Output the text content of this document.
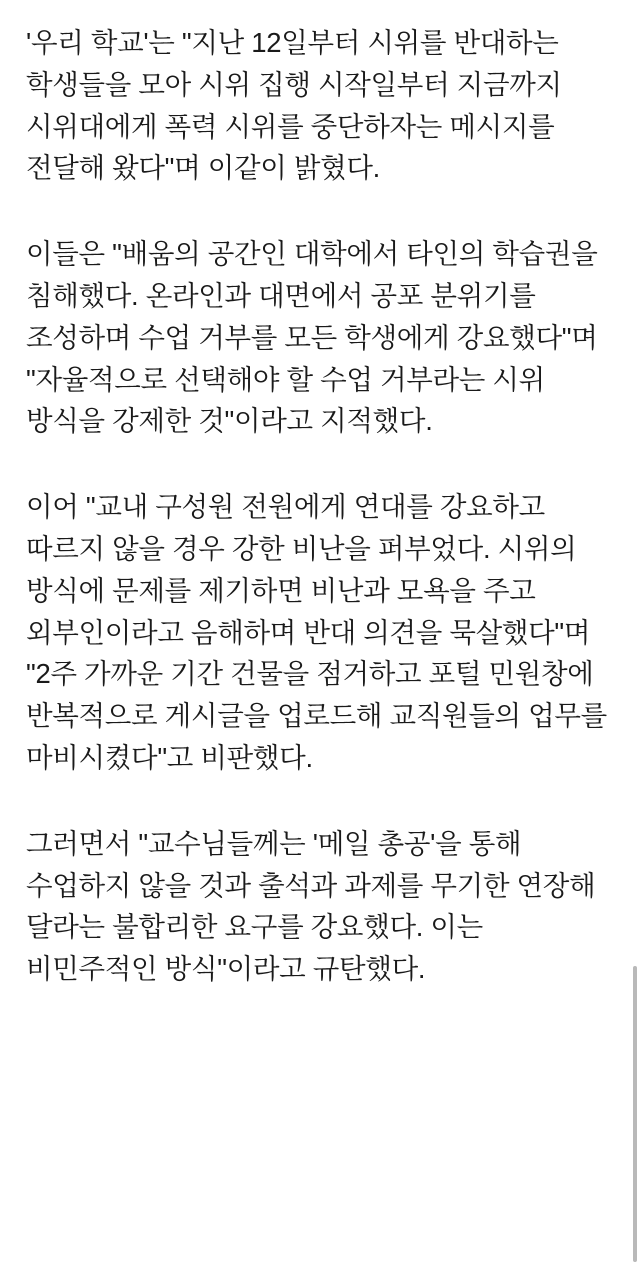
'우리 학교'는 "지난 12일부터 시위를 반대하는 학생들을 모아 시위 집행 시작일부터 지금까지 시위대에게 폭력 시위를 중단하자는 메시지를 전달해 왔다"며 이같이 밝혔다.

이들은 "배움의 공간인 대학에서 타인의 학습권을 침해했다. 온라인과 대면에서 공포 분위기를 조성하며 수업 거부를 모든 학생에게 강요했다"며 "자율적으로 선택해야 할 수업 거부라는 시위 방식을 강제한 것"이라고 지적했다.

이어 "교내 구성원 전원에게 연대를 강요하고 따르지 않을 경우 강한 비난을 퍼부었다. 시위의 방식에 문제를 제기하면 비난과 모욕을 주고 외부인이라고 음해하며 반대 의견을 묵살했다"며 "2주 가까운 기간 건물을 점거하고 포털 민원창에 반복적으로 게시글을 업로드해 교직원들의 업무를 마비시켰다"고 비판했다.

그러면서 "교수님들께는 '메일 총공'을 통해 수업하지 않을 것과 출석과 과제를 무기한 연장해 달라는 불합리한 요구를 강요했다. 이는 비민주적인 방식"이라고 규탄했다.
